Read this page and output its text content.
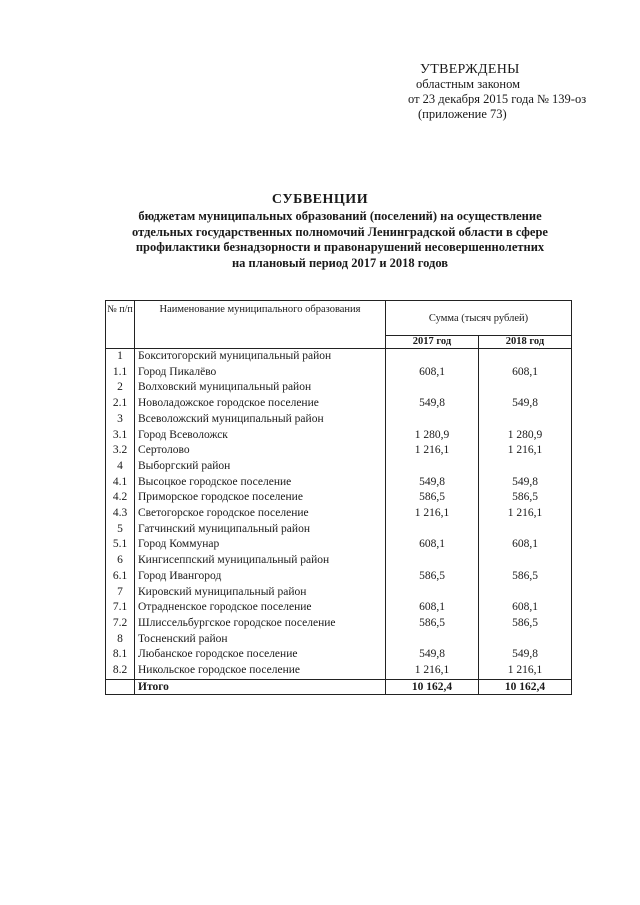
УТВЕРЖДЕНЫ
областным законом
от 23 декабря 2015 года № 139-оз
(приложение 73)
СУБВЕНЦИИ
бюджетам муниципальных образований (поселений) на осуществление
отдельных государственных полномочий Ленинградской области в сфере
профилактики безнадзорности и правонарушений несовершеннолетних
на плановый период 2017 и 2018 годов
№ п/п	Наименование муниципального образования	Сумма (тысяч рублей)	
		2017 год	2018 год
1	Бокситогорский муниципальный район		
1.1	Город Пикалёво	608,1	608,1
2	Волховский муниципальный район		
2.1	Новоладожское городское поселение	549,8	549,8
3	Всеволожский муниципальный район		
3.1	Город Всеволожск	1 280,9	1 280,9
3.2	Сертолово	1 216,1	1 216,1
4	Выборгский район		
4.1	Высоцкое городское поселение	549,8	549,8
4.2	Приморское городское поселение	586,5	586,5
4.3	Светогорское городское поселение	1 216,1	1 216,1
5	Гатчинский муниципальный район		
5.1	Город Коммунар	608,1	608,1
6	Кингисеппский муниципальный район		
6.1	Город Ивангород	586,5	586,5
7	Кировский муниципальный район		
7.1	Отрадненское городское поселение	608,1	608,1
7.2	Шлиссельбургское городское поселение	586,5	586,5
8	Тосненский район		
8.1	Любанское городское поселение	549,8	549,8
8.2	Никольское городское поселение	1 216,1	1 216,1
	Итого	10 162,4	10 162,4
